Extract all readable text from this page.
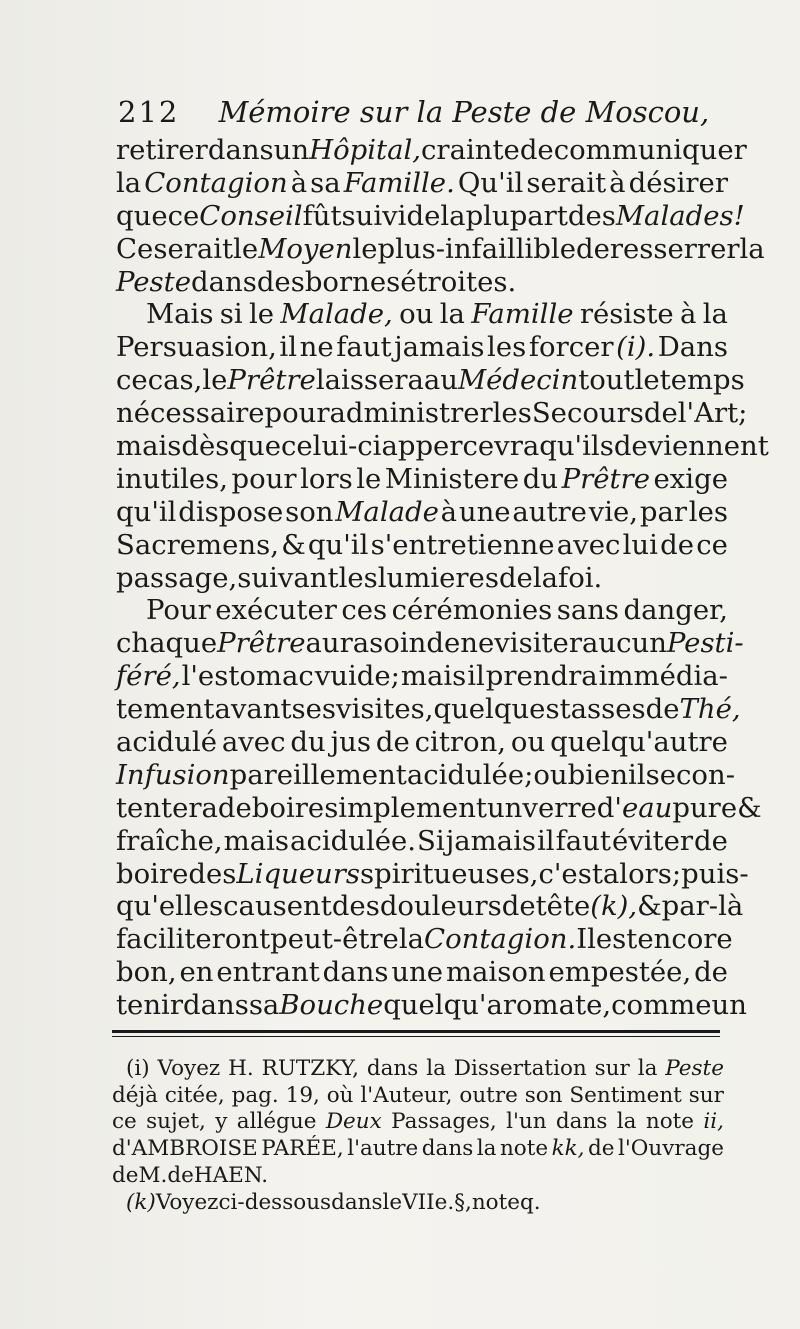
212 Mémoire sur la Peste de Moscou,
retirer dans un Hôpital, crainte de communiquer
la Contagion à sa Famille. Qu'il serait à désirer
que ce Conseil fût suivi de la plupart des Malades!
Ce serait le Moyen le plus-infaillible de resserrer la
Peste dans des bornes étroites.
Mais si le Malade, ou la Famille résiste à la
Persuasion, il ne faut jamais les forcer (i). Dans
ce cas, le Prêtre laissera au Médecin tout le temps
nécessaire pour administrer les Secours de l'Art;
mais dès que celui-ci appercevra qu'ils deviennent
inutiles, pour lors le Ministere du Prêtre exige
qu'il dispose son Malade à une autre vie, par les
Sacremens, & qu'il s'entretienne avec lui de ce
passage, suivant les lumieres de la foi.
Pour exécuter ces cérémonies sans danger,
chaque Prêtre aura soin de ne visiter aucun Pesti-
féré, l'estomac vuide; mais il prendra immédia-
tement avant ses visites, quelques tasses de Thé,
acidulé avec du jus de citron, ou quelqu'autre
Infusion pareillement acidulée; ou bien il se con-
tentera de boire simplement un verre d'eau pure &
fraîche, mais acidulée. Si jamais il faut éviter de
boire des Liqueurs spiritueuses, c'est alors; puis-
qu'elles causent des douleurs de tête (k), & par-là
faciliteront peut-être la Contagion. Il est encore
bon, en entrant dans une maison empestée, de
tenir dans sa Bouche quelqu'aromate, comme un
(i) Voyez H. RUTZKY, dans la Dissertation sur la Peste
déjà citée, pag. 19, où l'Auteur, outre son Sentiment sur
ce sujet, y allégue Deux Passages, l'un dans la note ii,
d'AMBROISE PARÉE, l'autre dans la note kk, de l'Ouvrage
de M. de HAEN.
(k) Voyez ci-dessous dans le VIIe. §, note q.
